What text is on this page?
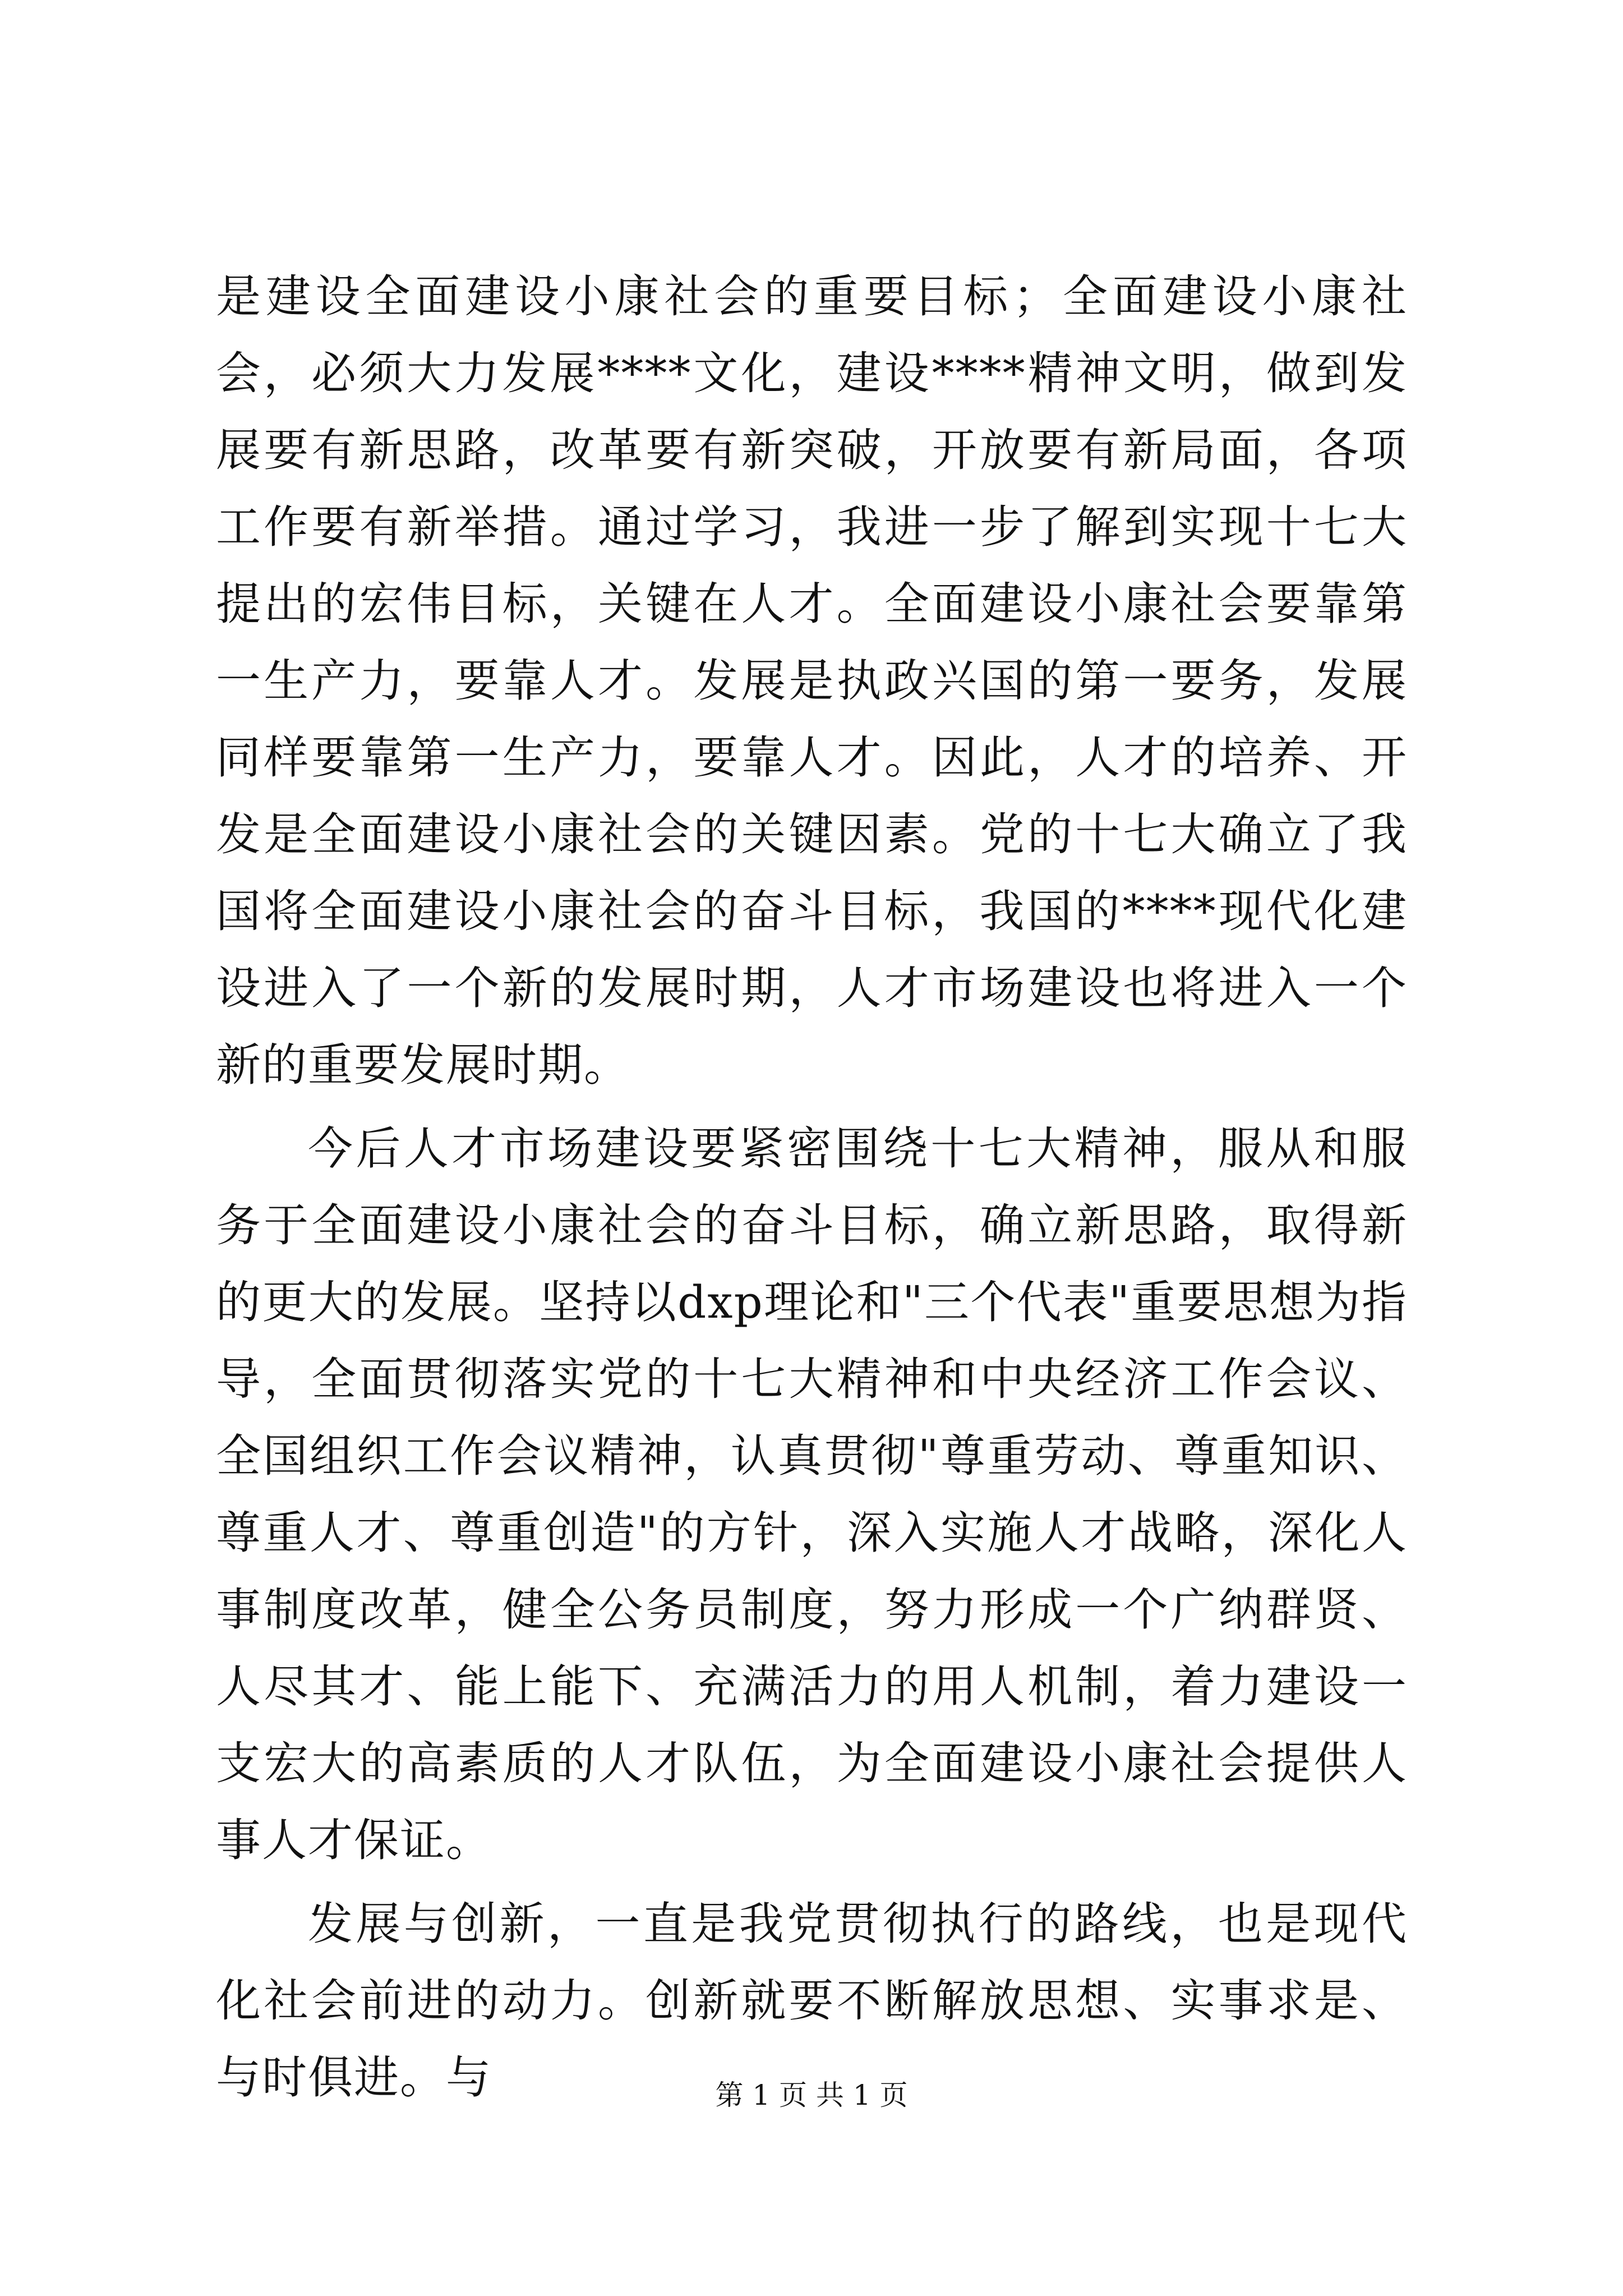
是建设全面建设小康社会的重要目标；全面建设小康社会，必须大力发展****文化，建设****精神文明，做到发展要有新思路，改革要有新突破，开放要有新局面，各项工作要有新举措。通过学习，我进一步了解到实现十七大提出的宏伟目标，关键在人才。全面建设小康社会要靠第一生产力，要靠人才。发展是执政兴国的第一要务，发展同样要靠第一生产力，要靠人才。因此，人才的培养、开发是全面建设小康社会的关键因素。党的十七大确立了我国将全面建设小康社会的奋斗目标，我国的****现代化建设进入了一个新的发展时期，人才市场建设也将进入一个新的重要发展时期。

今后人才市场建设要紧密围绕十七大精神，服从和服务于全面建设小康社会的奋斗目标，确立新思路，取得新的更大的发展。坚持以dxp理论和"三个代表"重要思想为指导，全面贯彻落实党的十七大精神和中央经济工作会议、全国组织工作会议精神，认真贯彻"尊重劳动、尊重知识、尊重人才、尊重创造"的方针，深入实施人才战略，深化人事制度改革，健全公务员制度，努力形成一个广纳群贤、人尽其才、能上能下、充满活力的用人机制，着力建设一支宏大的高素质的人才队伍，为全面建设小康社会提供人事人才保证。

发展与创新，一直是我党贯彻执行的路线，也是现代化社会前进的动力。创新就要不断解放思想、实事求是、与时俱进。与	第 1 页 共 1 页
